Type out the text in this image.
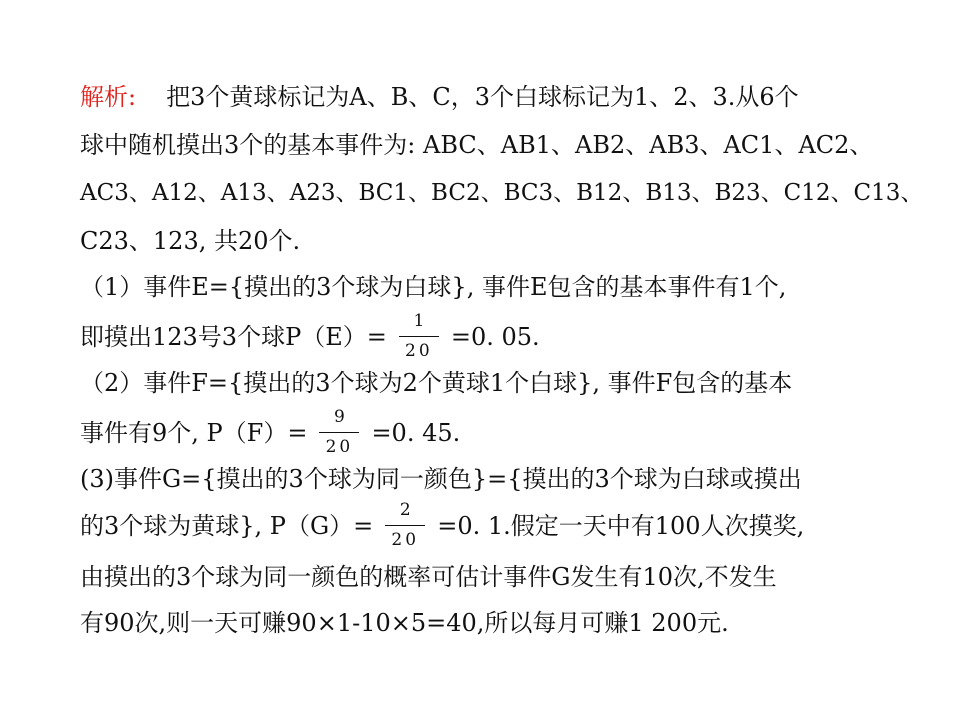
解析: 把3个黄球标记为A、B、C，3个白球标记为1、2、3.从6个
球中随机摸出3个的基本事件为: ABC、AB1、AB2、AB3、AC1、AC2、
AC3、A12、A13、A23、BC1、BC2、BC3、B12、B13、B23、C12、C13、
C23、123, 共20个.
（1）事件E={摸出的3个球为白球}, 事件E包含的基本事件有1个,
即摸出123号3个球$P(E)= \frac{1}{20} =0$. 05.
（2）事件F={摸出的3个球为2个黄球1个白球}, 事件F包含的基本
事件有9个, $P(F)= \frac{9}{20} =0$. 45.
(3)事件G={摸出的3个球为同一颜色}={摸出的3个球为白球或摸出
的3个球为黄球}, $P(G)= \frac{2}{20} =0$. 1.假定一天中有100人次摸奖,
由摸出的3个球为同一颜色的概率可估计事件G发生有10次,不发生
有90次,则一天可赚90×1-10×5=40,所以每月可赚1 200元.
